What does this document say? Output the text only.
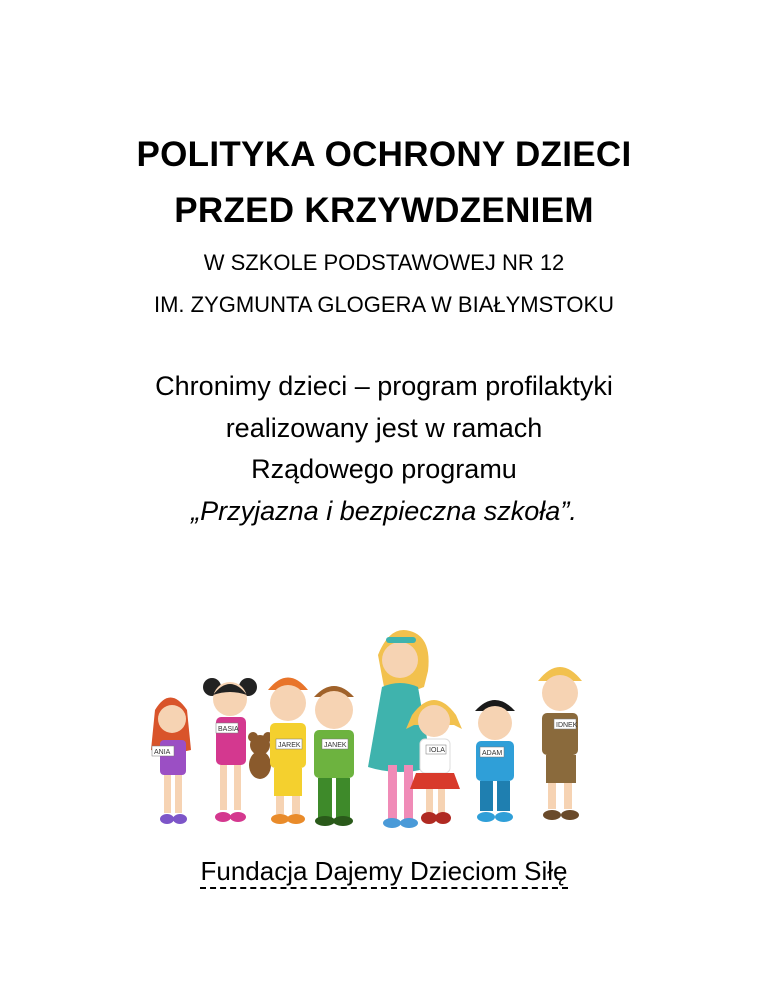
POLITYKA OCHRONY DZIECI
PRZED KRZYWDZENIEM
W SZKOLE PODSTAWOWEJ NR 12
IM. ZYGMUNTA GLOGERA W BIAŁYMSTOKU
Chronimy dzieci – program profilaktyki
realizowany jest w ramach
Rządowego programu
„Przyjazna i bezpieczna szkoła”.
ANIA
BASIA
JAREK	JANEK
IOLA	ADAM
IDNEK
Fundacja Dajemy Dzieciom Siłę
